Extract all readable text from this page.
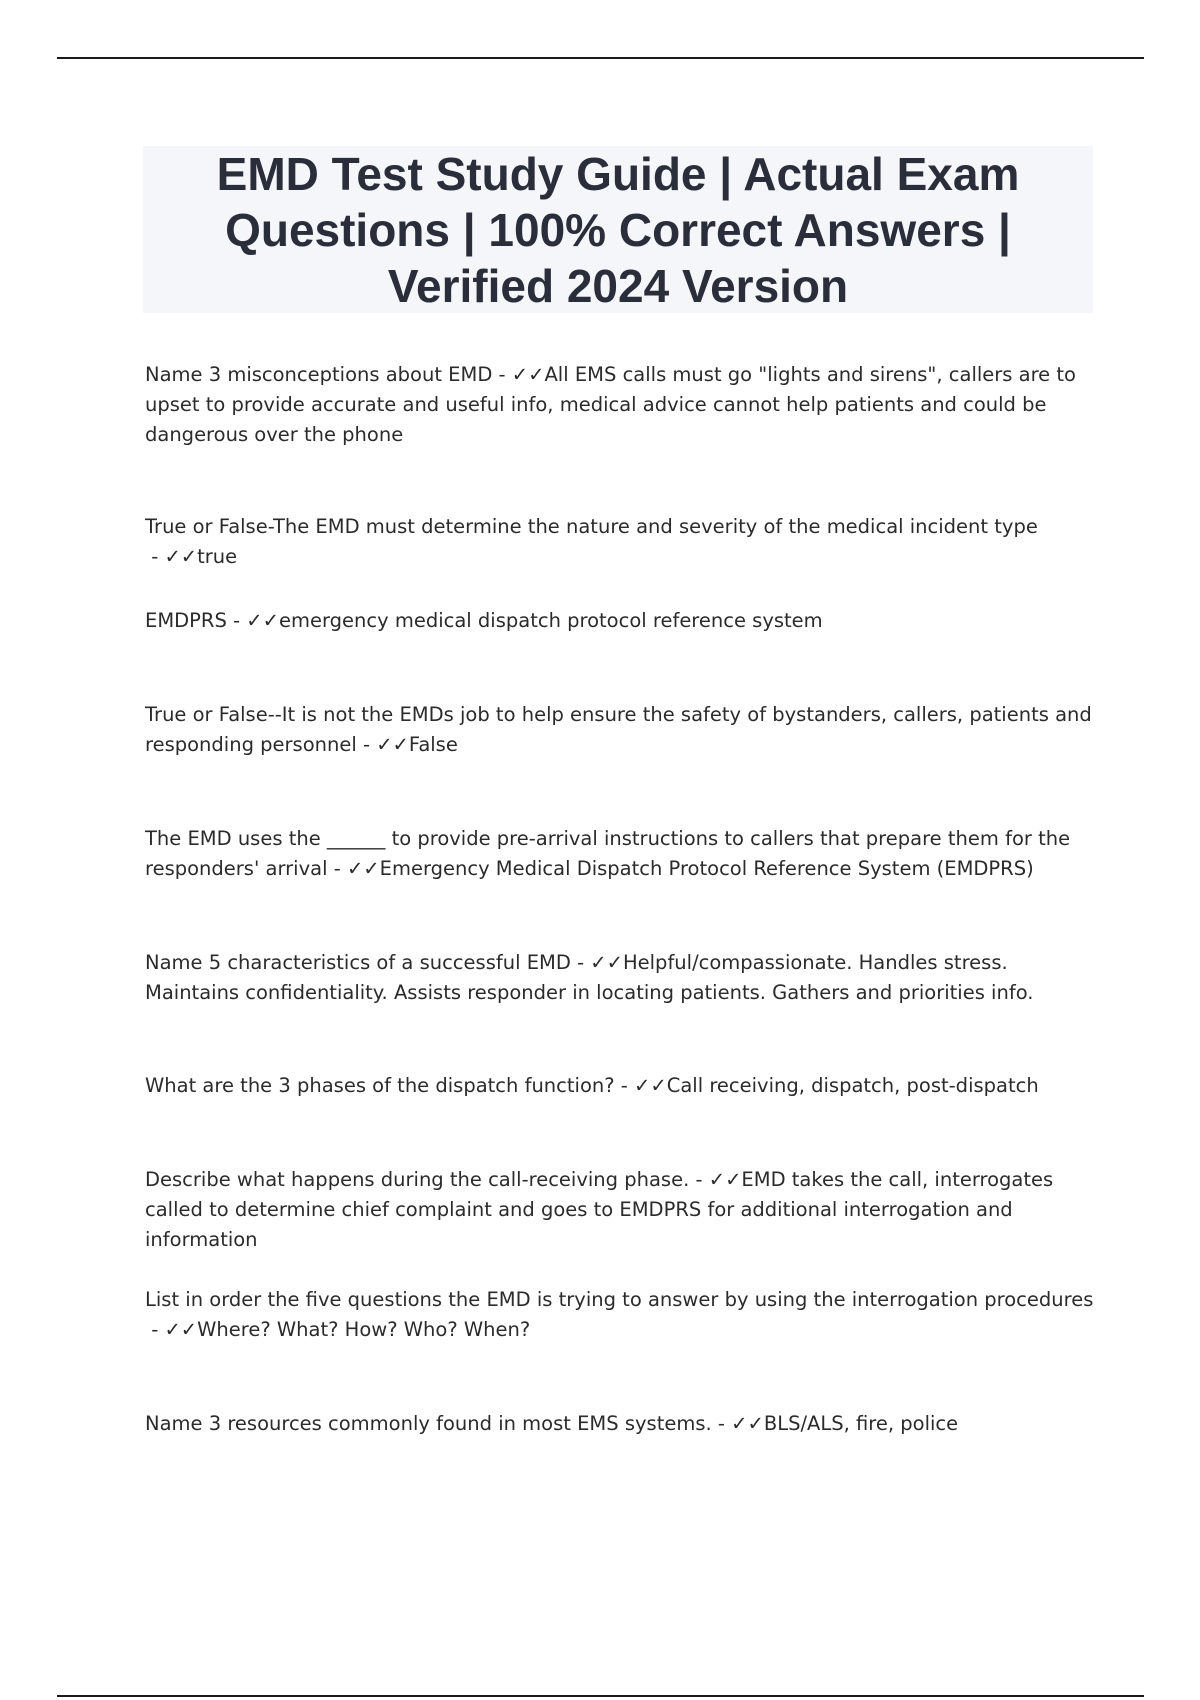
EMD Test Study Guide | Actual Exam Questions | 100% Correct Answers | Verified 2024 Version

Name 3 misconceptions about EMD - ✓✓All EMS calls must go "lights and sirens", callers are to upset to provide accurate and useful info, medical advice cannot help patients and could be dangerous over the phone

True or False-The EMD must determine the nature and severity of the medical incident type - ✓✓true

EMDPRS - ✓✓emergency medical dispatch protocol reference system

True or False--It is not the EMDs job to help ensure the safety of bystanders, callers, patients and responding personnel - ✓✓False

The EMD uses the ______ to provide pre-arrival instructions to callers that prepare them for the responders' arrival - ✓✓Emergency Medical Dispatch Protocol Reference System (EMDPRS)

Name 5 characteristics of a successful EMD - ✓✓Helpful/compassionate. Handles stress. Maintains confidentiality. Assists responder in locating patients. Gathers and priorities info.

What are the 3 phases of the dispatch function? - ✓✓Call receiving, dispatch, post-dispatch

Describe what happens during the call-receiving phase. - ✓✓EMD takes the call, interrogates called to determine chief complaint and goes to EMDPRS for additional interrogation and information

List in order the five questions the EMD is trying to answer by using the interrogation procedures - ✓✓Where? What? How? Who? When?

Name 3 resources commonly found in most EMS systems. - ✓✓BLS/ALS, fire, police
